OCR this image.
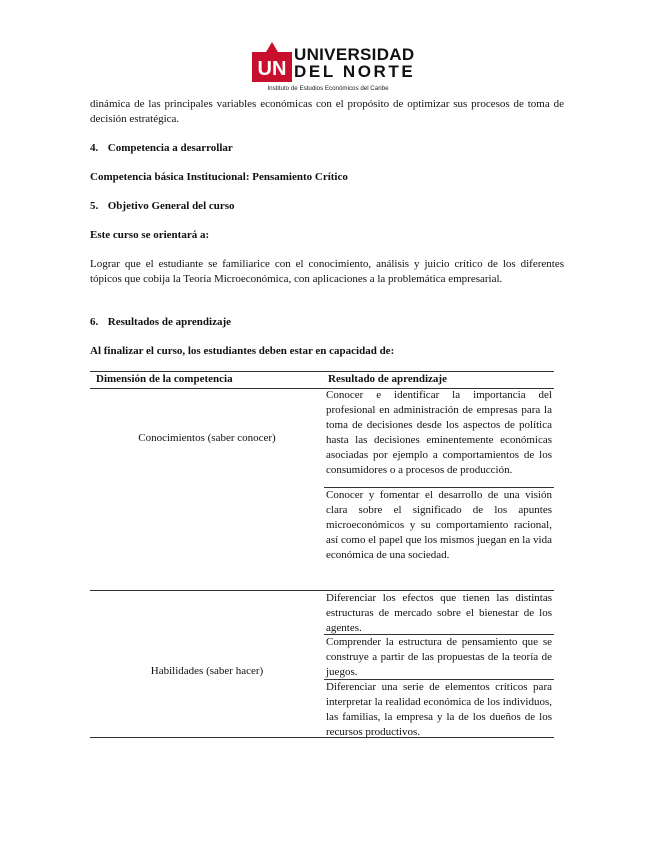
UN
UNIVERSIDAD
DEL NORTE
Instituto de Estudios Económicos del Caribe
dinámica de las principales variables económicas con el propósito de optimizar sus procesos de toma de decisión estratégica.
4. Competencia a desarrollar
Competencia básica Institucional: Pensamiento Crítico
5. Objetivo General del curso
Este curso se orientará a:
Lograr que el estudiante se familiarice con el conocimiento, análisis y juicio crítico de los diferentes tópicos que cobija la Teoría Microeconómica, con aplicaciones a la problemática empresarial.
6. Resultados de aprendizaje
Al finalizar el curso, los estudiantes deben estar en capacidad de:
Dimensión de la competencia	Resultado de aprendizaje
Conocimientos (saber conocer)
Conocer e identificar la importancia del profesional en administración de empresas para la toma de decisiones desde los aspectos de política hasta las decisiones eminentemente económicas asociadas por ejemplo a comportamientos de los consumidores o a procesos de producción.
Conocer y fomentar el desarrollo de una visión clara sobre el significado de los apuntes microeconómicos y su comportamiento racional, así como el papel que los mismos juegan en la vida económica de una sociedad.
Habilidades (saber hacer)
Diferenciar los efectos que tienen las distintas estructuras de mercado sobre el bienestar de los agentes.
Comprender la estructura de pensamiento que se construye a partir de las propuestas de la teoría de juegos.
Diferenciar una serie de elementos críticos para interpretar la realidad económica de los individuos, las familias, la empresa y la de los dueños de los recursos productivos.
